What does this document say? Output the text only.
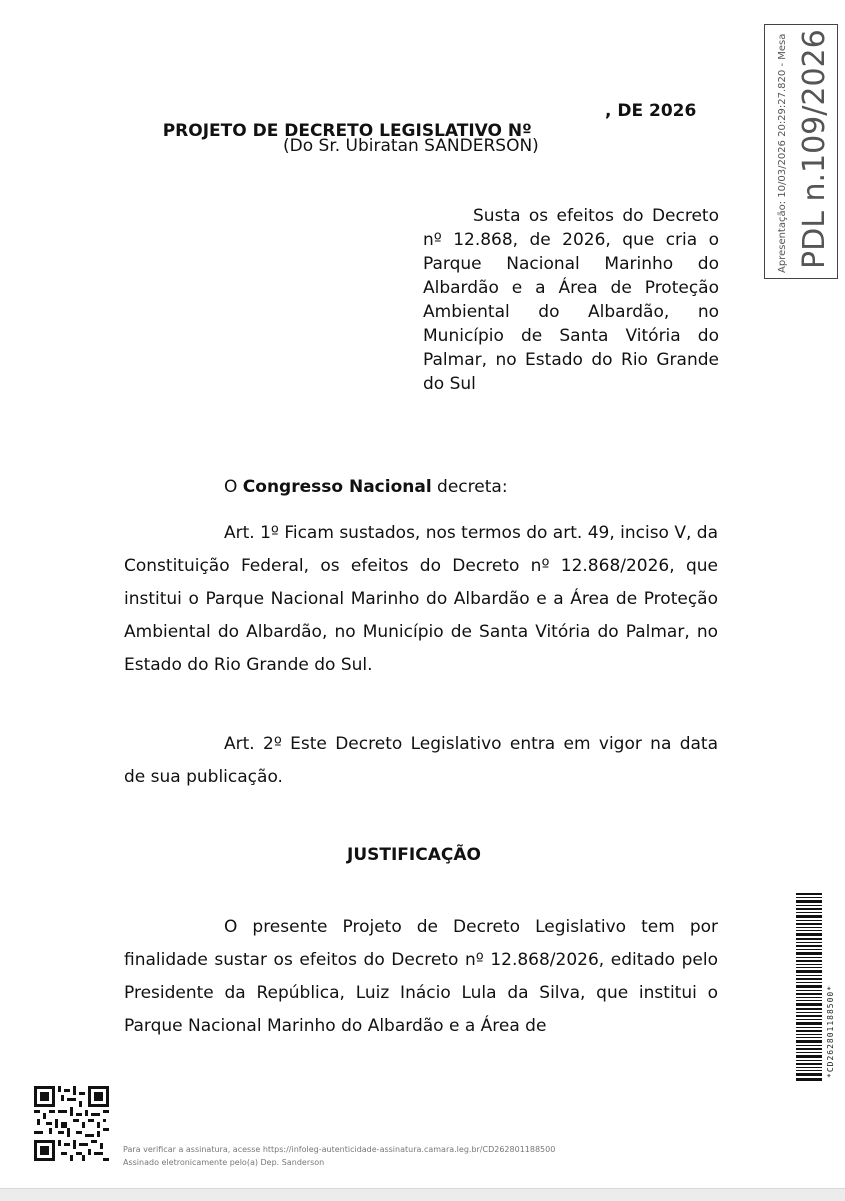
PROJETO DE DECRETO LEGISLATIVO Nº

, DE 2026

(Do Sr. Ubiratan SANDERSON)

Susta os efeitos do Decreto nº 12.868, de 2026, que cria o Parque Nacional Marinho do Albardão e a Área de Proteção Ambiental do Albardão, no Município de Santa Vitória do Palmar, no Estado do Rio Grande do Sul

O Congresso Nacional decreta:

Art. 1º Ficam sustados, nos termos do art. 49, inciso V, da Constituição Federal, os efeitos do Decreto nº 12.868/2026, que institui o Parque Nacional Marinho do Albardão e a Área de Proteção Ambiental do Albardão, no Município de Santa Vitória do Palmar, no Estado do Rio Grande do Sul.

Art. 2º Este Decreto Legislativo entra em vigor na data de sua publicação.

JUSTIFICAÇÃO

O presente Projeto de Decreto Legislativo tem por finalidade sustar os efeitos do Decreto nº 12.868/2026, editado pelo Presidente da República, Luiz Inácio Lula da Silva, que institui o Parque Nacional Marinho do Albardão e a Área de

Apresentação: 10/03/2026 20:29:27.820 - Mesa PDL n.109/2026
*CD262801188500*
Para verificar a assinatura, acesse https://infoleg-autenticidade-assinatura.camara.leg.br/CD262801188500
Assinado eletronicamente pelo(a) Dep. Sanderson
